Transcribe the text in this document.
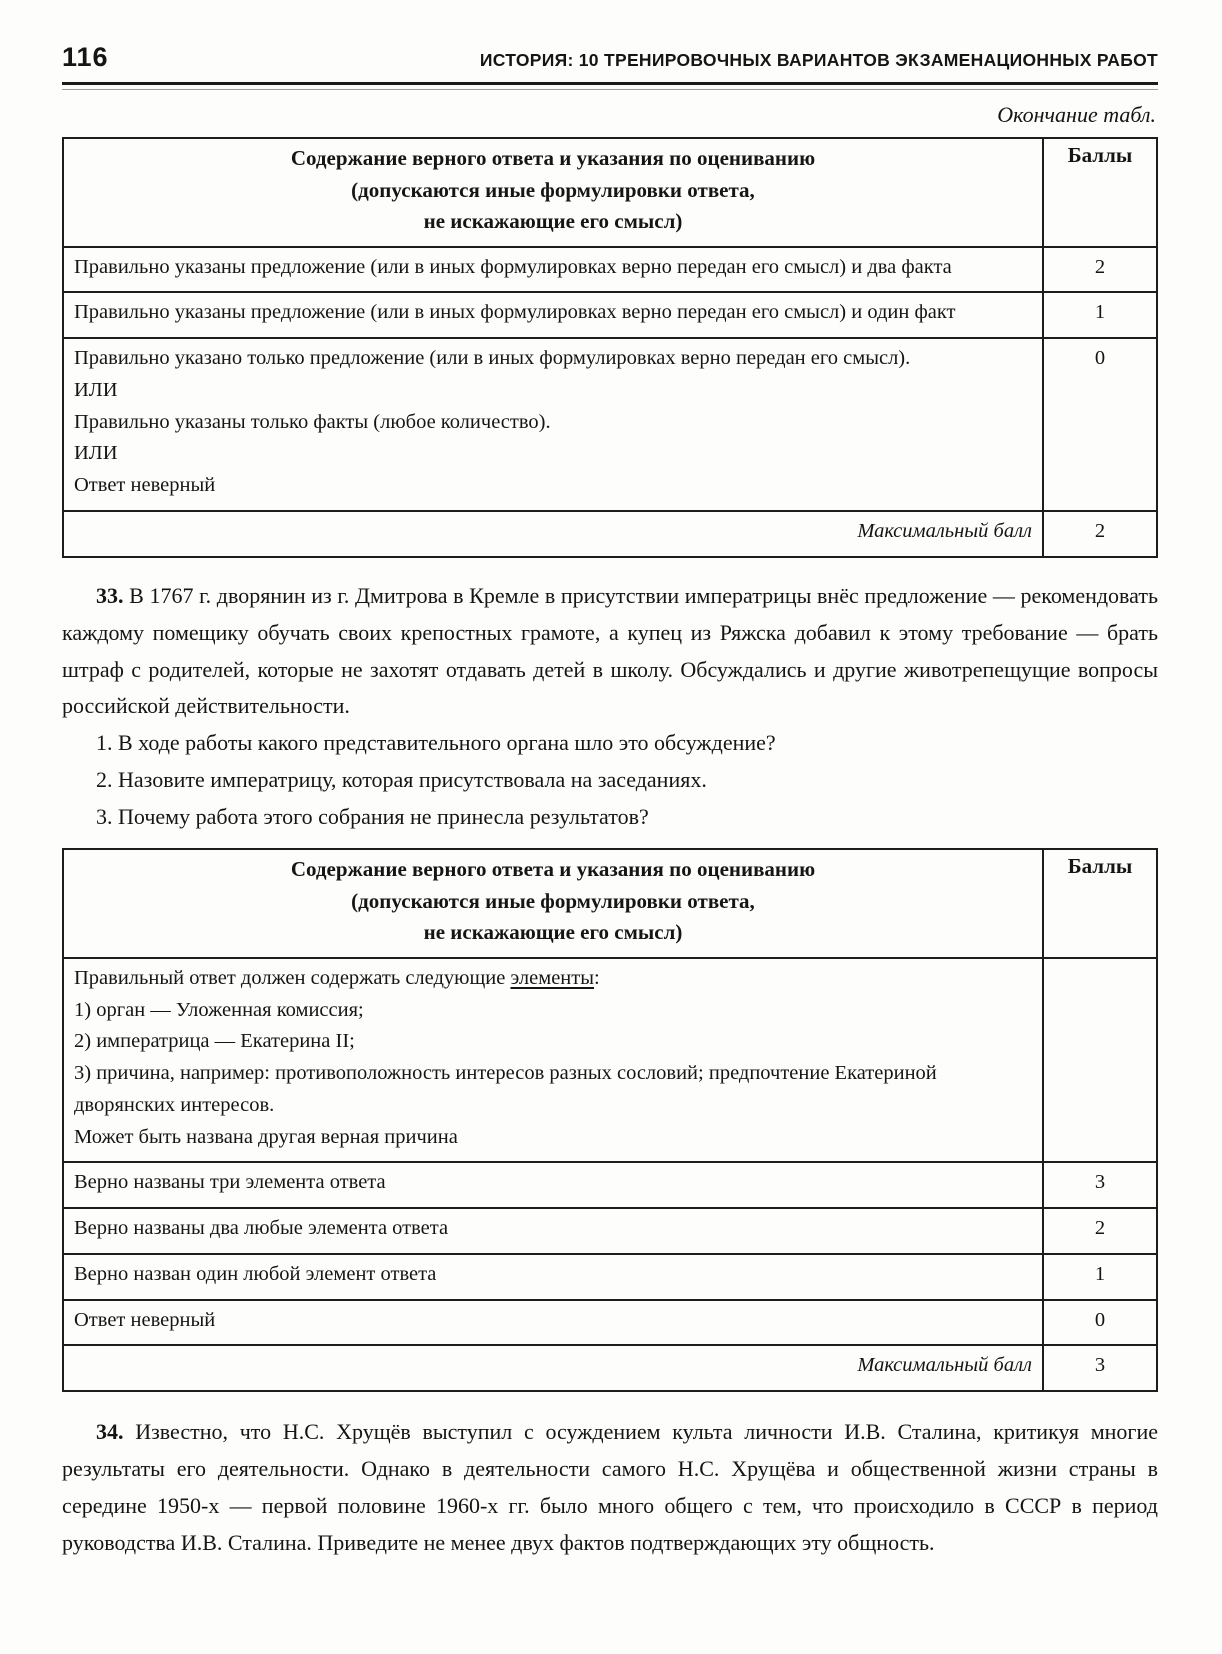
116	ИСТОРИЯ: 10 ТРЕНИРОВОЧНЫХ ВАРИАНТОВ ЭКЗАМЕНАЦИОННЫХ РАБОТ
Окончание табл.
Содержание верного ответа и указания по оцениванию
(допускаются иные формулировки ответа,
не искажающие его смысл)	Баллы
Правильно указаны предложение (или в иных формулировках верно передан его смысл) и два факта	2
Правильно указаны предложение (или в иных формулировках верно передан его смысл) и один факт	1

Правильно указано только предложение (или в иных формулировках верно передан его смысл).
ИЛИ
Правильно указаны только факты (любое количество).
ИЛИ
Ответ неверный	0
Максимальный балл	2

33. В 1767 г. дворянин из г. Дмитрова в Кремле в присутствии императрицы внёс предложение — рекомендовать каждому помещику обучать своих крепостных грамоте, а купец из Ряжска добавил к этому требование — брать штраф с родителей, которые не захотят отдавать детей в школу. Обсуждались и другие животрепещущие вопросы российской действительности.

1. В ходе работы какого представительного органа шло это обсуждение?
2. Назовите императрицу, которая присутствовала на заседаниях.
3. Почему работа этого собрания не принесла результатов?
Содержание верного ответа и указания по оцениванию
(допускаются иные формулировки ответа,
не искажающие его смысл)	Баллы

Правильный ответ должен содержать следующие элементы:
1) орган — Уложенная комиссия;
2) императрица — Екатерина II;
3) причина, например: противоположность интересов разных сословий; предпочтение Екатериной дворянских интересов.
Может быть названа другая верная причина	

Верно названы три элемента ответа	3
Верно названы два любые элемента ответа	2
Верно назван один любой элемент ответа	1
Ответ неверный	0
Максимальный балл	3

34. Известно, что Н.С. Хрущёв выступил с осуждением культа личности И.В. Сталина, критикуя многие результаты его деятельности. Однако в деятельности самого Н.С. Хрущёва и общественной жизни страны в середине 1950-х — первой половине 1960-х гг. было много общего с тем, что происходило в СССР в период руководства И.В. Сталина. Приведите не менее двух фактов подтверждающих эту общность.
